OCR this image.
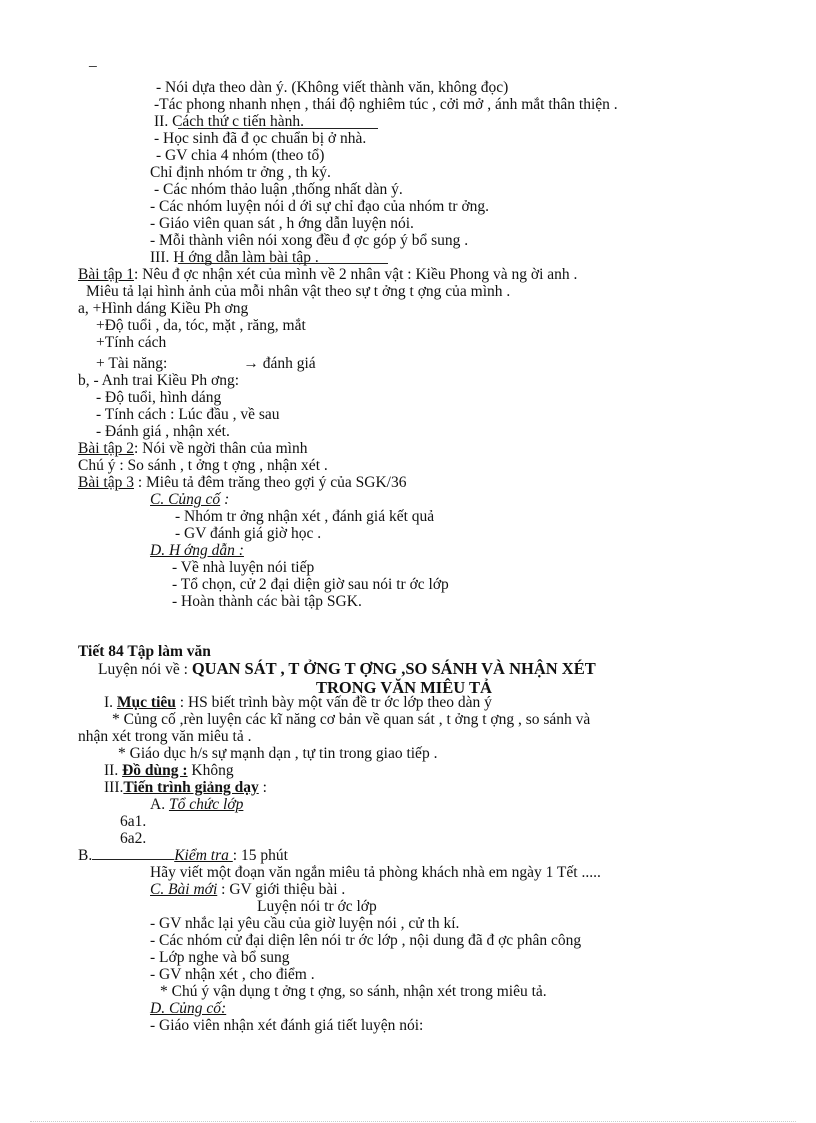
_
- Nói dựa theo dàn ý. (Không viết thành văn, không đọc)
-Tác phong nhanh nhẹn , thái độ nghiêm túc , cởi mở , ánh mắt thân thiện .
II. Cách thứ c tiến hành.
- Học sinh đã đ ọc chuẩn bị ở nhà.
- GV chia 4 nhóm (theo tổ)
Chỉ định nhóm tr ởng , th ký.
- Các nhóm thảo luận ,thống nhất dàn ý.
- Các nhóm luyện nói d ới sự chỉ đạo của nhóm tr ởng.
- Giáo viên quan sát , h ớng dẫn luyện nói.
- Mỗi thành viên nói xong đều đ ợc góp ý bổ sung .
III. H ớng dẫn làm bài tập .
Bài tập 1: Nêu đ ợc nhận xét của mình về 2 nhân vật : Kiều Phong và ng ời anh .
Miêu tả lại hình ảnh của mỗi nhân vật theo sự t ởng t ợng của mình .
a, +Hình dáng Kiều Ph ơng
+Độ tuổi , da, tóc, mặt , răng, mắt
+Tính cách
+ Tài năng:	→ đánh giá
b, - Anh trai Kiều Ph ơng:
- Độ tuổi, hình dáng
- Tính cách : Lúc đầu , về sau
- Đánh giá , nhận xét.
Bài tập 2: Nói về ngời thân của mình
Chú ý : So sánh , t ởng t ợng , nhận xét .
Bài tập 3 : Miêu tả đêm trăng theo gợi ý của SGK/36
C. Củng cố :
- Nhóm tr ởng nhận xét , đánh giá kết quả
- GV đánh giá giờ học .
D. H ớng dẫn :
- Về nhà luyện nói tiếp
- Tổ chọn, cử 2 đại diện giờ sau nói tr ớc lớp
- Hoàn thành các bài tập SGK.
Tiết 84 Tập làm văn
Luyện nói về : QUAN SÁT , T ỞNG T ỢNG ,SO SÁNH VÀ NHẬN XÉT
TRONG VĂN MIÊU TẢ
I. Mục tiêu : HS biết trình bày một vấn đề tr ớc lớp theo dàn ý
* Củng cố ,rèn luyện các kĩ năng cơ bản về quan sát , t ởng t ợng , so sánh và
nhận xét trong văn miêu tả .
* Giáo dục h/s sự mạnh dạn , tự tin trong giao tiếp .
II. Đồ dùng : Không
III.Tiến trình giảng dạy :
A. Tổ chức lớp
6a1.
6a2.
B.	Kiểm tra : 15 phút
Hãy viết một đoạn văn ngắn miêu tả phòng khách nhà em ngày 1 Tết .....
C. Bài mới : GV giới thiệu bài .
Luyện nói tr ớc lớp
- GV nhắc lại yêu cầu của giờ luyện nói , cử th kí.
- Các nhóm cử đại diện lên nói tr ớc lớp , nội dung đã đ ợc phân công
- Lớp nghe và bổ sung
- GV nhận xét , cho điểm .
* Chú ý vận dụng t ởng t ợng, so sánh, nhận xét trong miêu tả.
D. Củng cố:
- Giáo viên nhận xét đánh giá tiết luyện nói:
